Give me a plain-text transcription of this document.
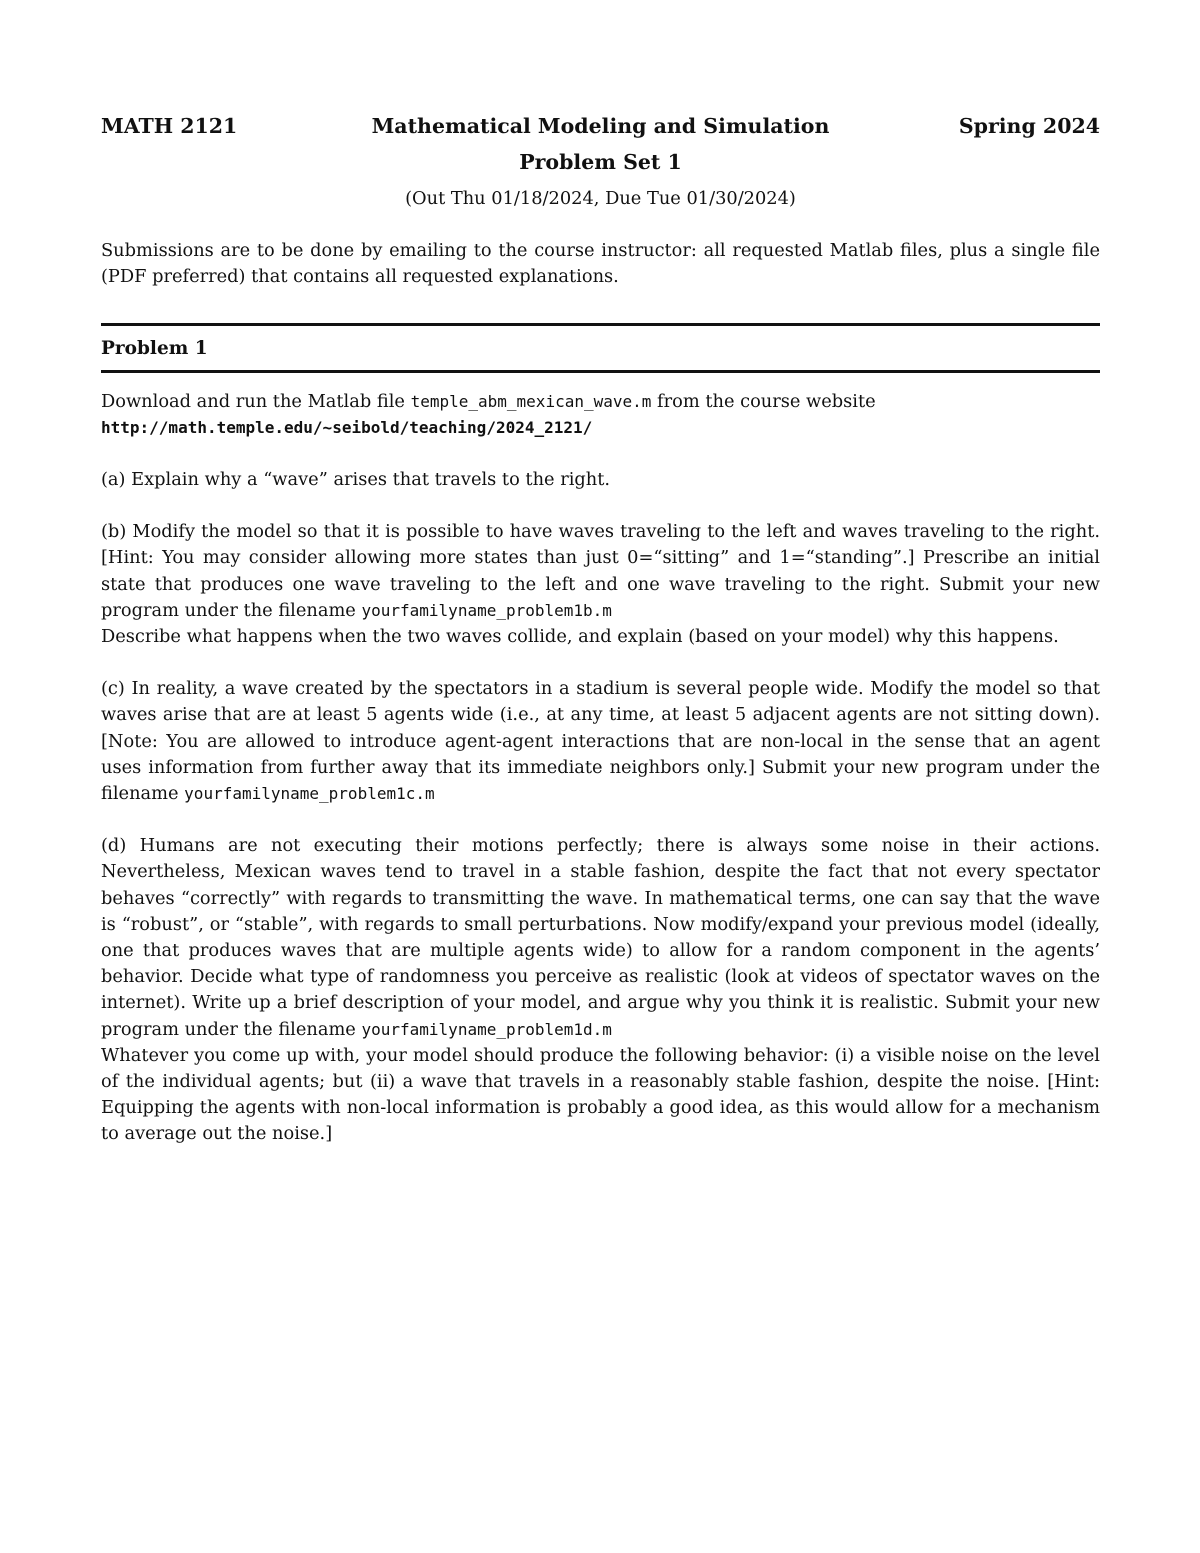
MATH 2121	Mathematical Modeling and Simulation	Spring 2024
Problem Set 1
(Out Thu 01/18/2024, Due Tue 01/30/2024)

Submissions are to be done by emailing to the course instructor: all requested Matlab files, plus a single file (PDF preferred) that contains all requested explanations.

Problem 1

Download and run the Matlab file temple_abm_mexican_wave.m from the course website

http://math.temple.edu/~seibold/teaching/2024_2121/

(a) Explain why a “wave” arises that travels to the right.

(b) Modify the model so that it is possible to have waves traveling to the left and waves traveling to the right. [Hint: You may consider allowing more states than just 0=“sitting” and 1=“standing”.] Prescribe an initial state that produces one wave traveling to the left and one wave traveling to the right. Submit your new program under the filename yourfamilyname_problem1b.m

Describe what happens when the two waves collide, and explain (based on your model) why this happens.

(c) In reality, a wave created by the spectators in a stadium is several people wide. Modify the model so that waves arise that are at least 5 agents wide (i.e., at any time, at least 5 adjacent agents are not sitting down). [Note: You are allowed to introduce agent-agent interactions that are non-local in the sense that an agent uses information from further away that its immediate neighbors only.] Submit your new program under the filename yourfamilyname_problem1c.m

(d) Humans are not executing their motions perfectly; there is always some noise in their actions. Nevertheless, Mexican waves tend to travel in a stable fashion, despite the fact that not every spectator behaves “correctly” with regards to transmitting the wave. In mathematical terms, one can say that the wave is “robust”, or “stable”, with regards to small perturbations. Now modify/expand your previous model (ideally, one that produces waves that are multiple agents wide) to allow for a random component in the agents’ behavior. Decide what type of randomness you perceive as realistic (look at videos of spectator waves on the internet). Write up a brief description of your model, and argue why you think it is realistic. Submit your new program under the filename yourfamilyname_problem1d.m

Whatever you come up with, your model should produce the following behavior: (i) a visible noise on the level of the individual agents; but (ii) a wave that travels in a reasonably stable fashion, despite the noise. [Hint: Equipping the agents with non-local information is probably a good idea, as this would allow for a mechanism to average out the noise.]
